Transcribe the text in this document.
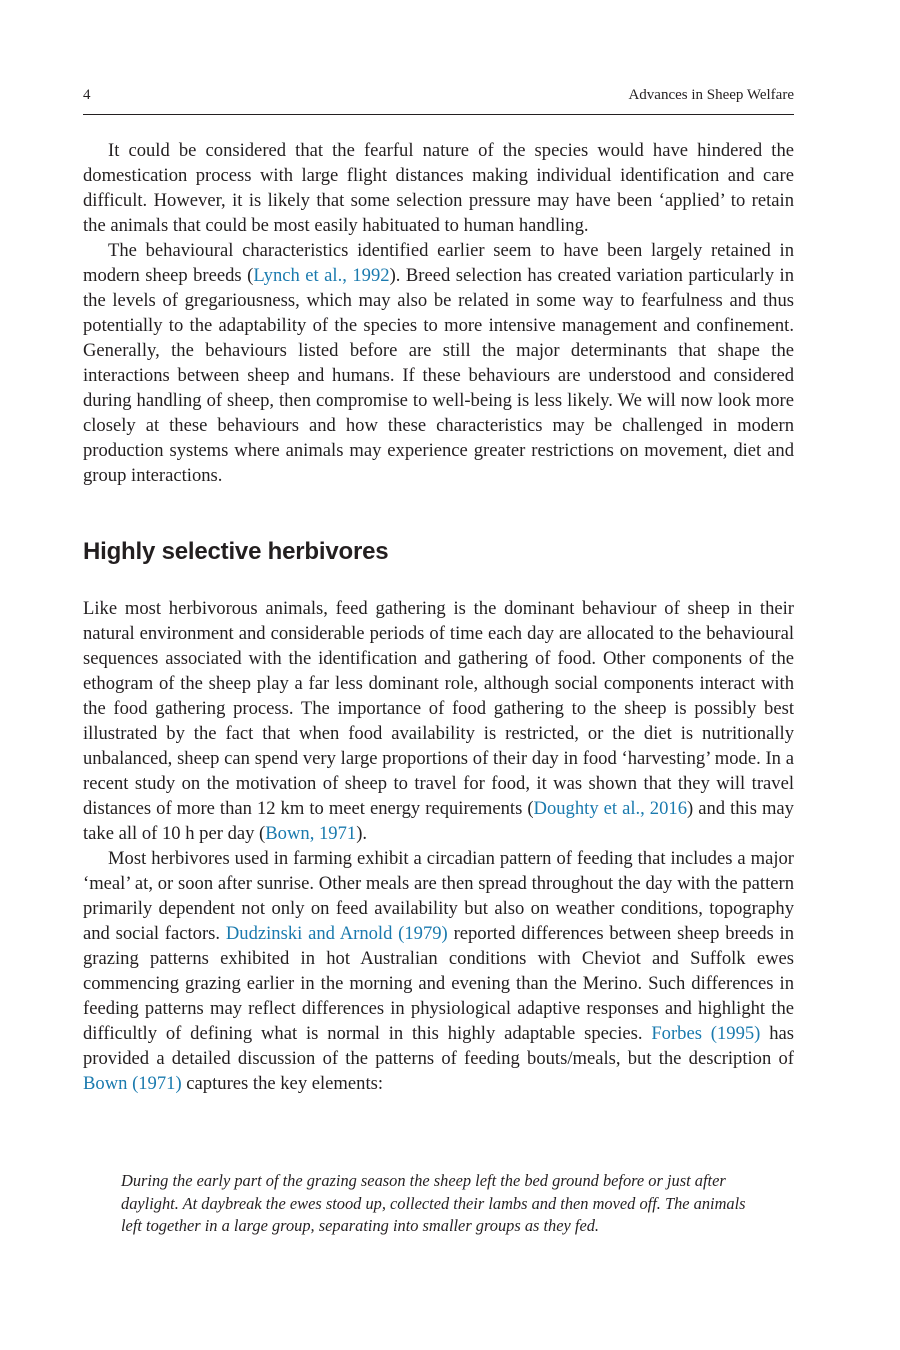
4	Advances in Sheep Welfare

It could be considered that the fearful nature of the species would have hindered the domestication process with large flight distances making individual identification and care difficult. However, it is likely that some selection pressure may have been ‘applied’ to retain the animals that could be most easily habituated to human handling.

The behavioural characteristics identified earlier seem to have been largely retained in modern sheep breeds (Lynch et al., 1992). Breed selection has created variation particularly in the levels of gregariousness, which may also be related in some way to fearfulness and thus potentially to the adaptability of the species to more intensive management and confinement. Generally, the behaviours listed before are still the major determinants that shape the interactions between sheep and humans. If these behaviours are understood and considered during handling of sheep, then compromise to well-being is less likely. We will now look more closely at these behaviours and how these characteristics may be challenged in modern production systems where animals may experience greater restrictions on movement, diet and group interactions.

Highly selective herbivores

Like most herbivorous animals, feed gathering is the dominant behaviour of sheep in their natural environment and considerable periods of time each day are allocated to the behavioural sequences associated with the identification and gathering of food. Other components of the ethogram of the sheep play a far less dominant role, although social components interact with the food gathering process. The importance of food gathering to the sheep is possibly best illustrated by the fact that when food availability is restricted, or the diet is nutritionally unbalanced, sheep can spend very large proportions of their day in food ‘harvesting’ mode. In a recent study on the motivation of sheep to travel for food, it was shown that they will travel distances of more than 12 km to meet energy requirements (Doughty et al., 2016) and this may take all of 10 h per day (Bown, 1971).

Most herbivores used in farming exhibit a circadian pattern of feeding that includes a major ‘meal’ at, or soon after sunrise. Other meals are then spread throughout the day with the pattern primarily dependent not only on feed availability but also on weather conditions, topography and social factors. Dudzinski and Arnold (1979) reported differences between sheep breeds in grazing patterns exhibited in hot Australian conditions with Cheviot and Suffolk ewes commencing grazing earlier in the morning and evening than the Merino. Such differences in feeding patterns may reflect differences in physiological adaptive responses and highlight the difficultly of defining what is normal in this highly adaptable species. Forbes (1995) has provided a detailed discussion of the patterns of feeding bouts/meals, but the description of Bown (1971) captures the key elements:

During the early part of the grazing season the sheep left the bed ground before or just after daylight. At daybreak the ewes stood up, collected their lambs and then moved off. The animals left together in a large group, separating into smaller groups as they fed.
